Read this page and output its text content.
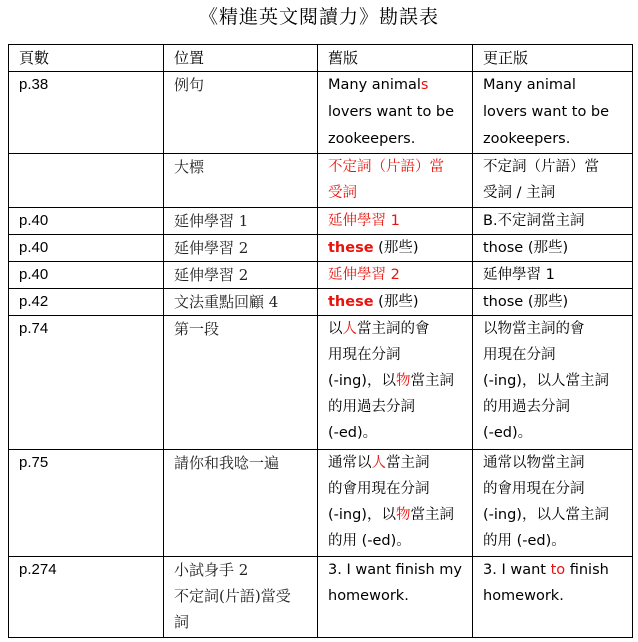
《精進英文閱讀力》勘誤表
頁數	位置	舊版	更正版
p.38	例句	Many animals
lovers want to be
zookeepers.	Many animal
lovers want to be
zookeepers.

	大標	不定詞（片語）當
受詞	不定詞（片語）當
受詞 / 主詞

p.40	延伸學習 1	延伸學習 1	B.不定詞當主詞
p.40	延伸學習 2	these (那些)	those (那些)
p.40	延伸學習 2	延伸學習 2	延伸學習 1
p.42	文法重點回顧 4	these (那些)	those (那些)
p.74	第一段	以人當主詞的會
用現在分詞
(-ing)，以物當主詞
的用過去分詞
(-ed)。	以物當主詞的會
用現在分詞
(-ing)，以人當主詞
的用過去分詞
(-ed)。

p.75	請你和我唸一遍	通常以人當主詞
的會用現在分詞
(-ing)，以物當主詞
的用 (-ed)。	通常以物當主詞
的會用現在分詞
(-ing)，以人當主詞
的用 (-ed)。

p.274	小試身手 2
不定詞(片語)當受
詞	3. I want finish my
homework.	3. I want to finish
homework.
